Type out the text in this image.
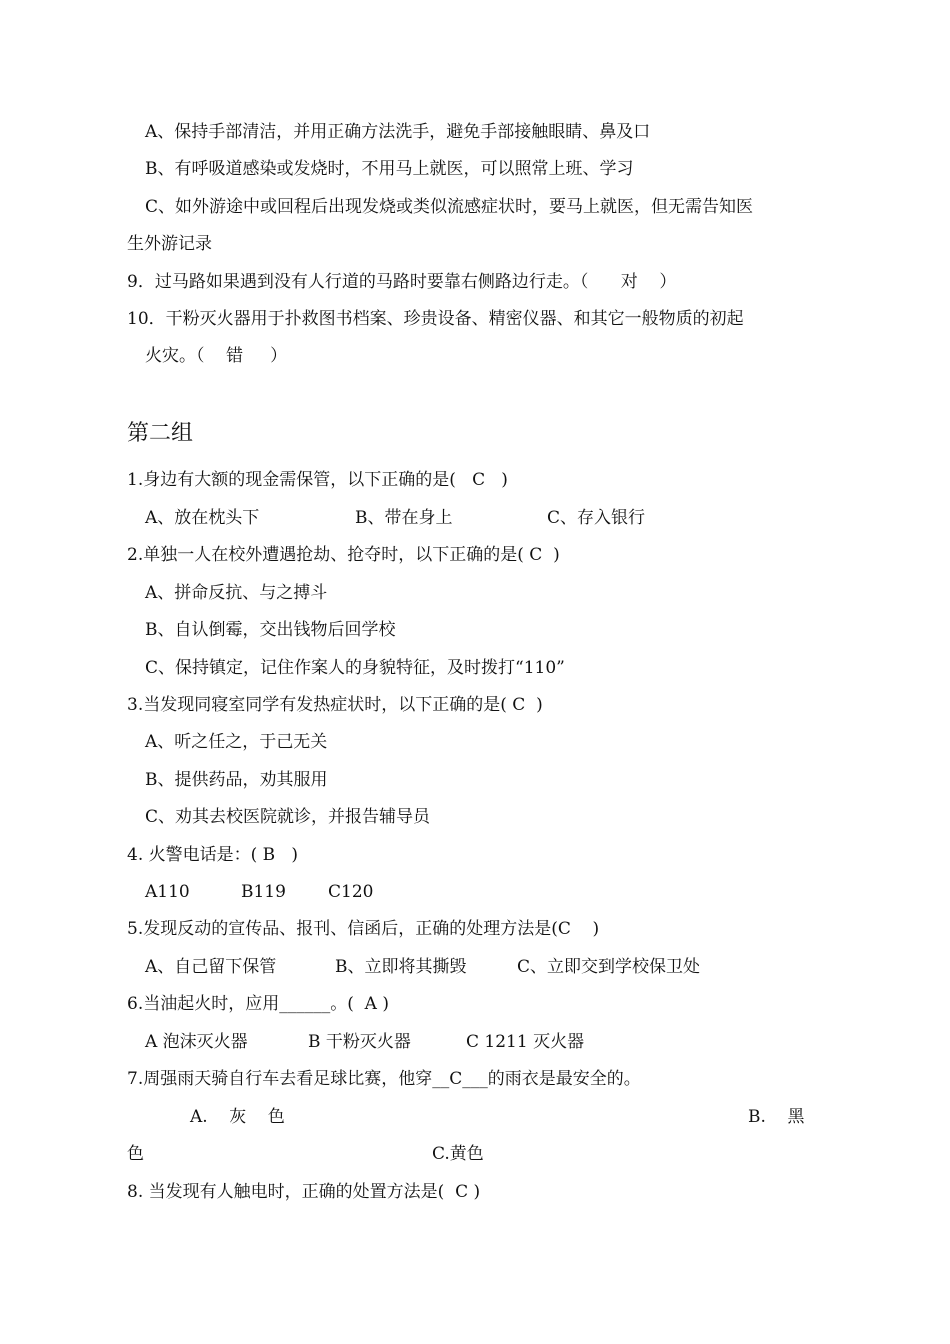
A、保持手部清洁，并用正确方法洗手，避免手部接触眼睛、鼻及口
B、有呼吸道感染或发烧时，不用马上就医，可以照常上班、学习
C、如外游途中或回程后出现发烧或类似流感症状时，要马上就医，但无需告知医
生外游记录
9．过马路如果遇到没有人行道的马路时要靠右侧路边行走。（      对    ）
10．干粉灭火器用于扑救图书档案、珍贵设备、精密仪器、和其它一般物质的初起
火灾。（    错     ）
第二组
1.身边有大额的现金需保管，以下正确的是(   C   )
A、放在枕头下	B、带在身上	C、存入银行
2.单独一人在校外遭遇抢劫、抢夺时，以下正确的是( C  )
A、拼命反抗、与之搏斗
B、自认倒霉，交出钱物后回学校
C、保持镇定，记住作案人的身貌特征，及时拨打“110”
3.当发现同寝室同学有发热症状时，以下正确的是( C  )
A、听之任之，于己无关
B、提供药品，劝其服用
C、劝其去校医院就诊，并报告辅导员
4. 火警电话是：( B   )
A110	B119 C120
5.发现反动的宣传品、报刊、信函后，正确的处理方法是(C    )
A、自己留下保管	B、立即将其撕毁	C、立即交到学校保卫处
6.当油起火时，应用______。(  A )
A 泡沫灭火器	B 干粉灭火器	C 1211 灭火器
7.周强雨天骑自行车去看足球比赛，他穿__C___的雨衣是最安全的。
A.    灰    色	B.    黑
色	C.黄色
8. 当发现有人触电时，正确的处置方法是(  C )
